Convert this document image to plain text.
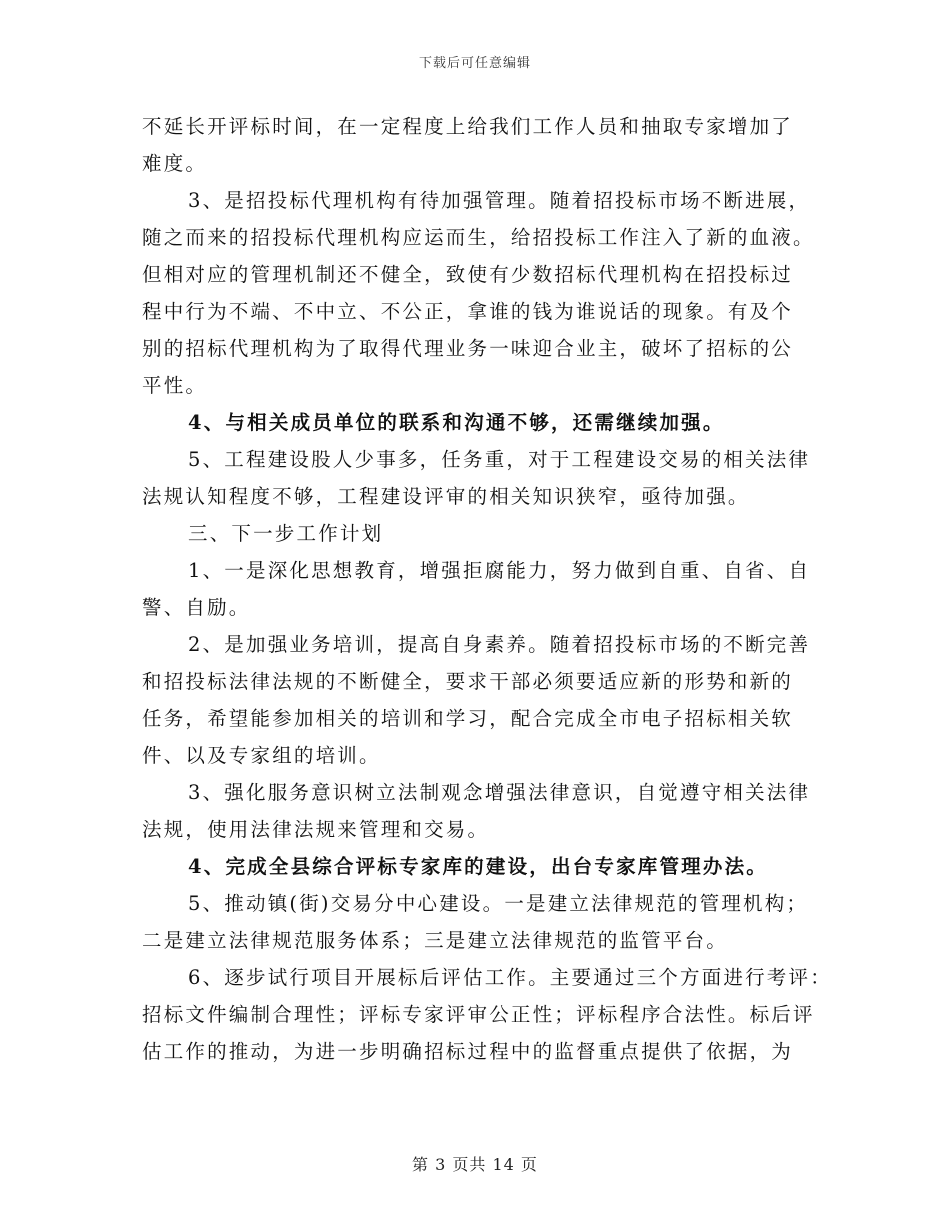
下载后可任意编辑
不延长开评标时间，在一定程度上给我们工作人员和抽取专家增加了
难度。
3、是招投标代理机构有待加强管理。随着招投标市场不断进展，
随之而来的招投标代理机构应运而生，给招投标工作注入了新的血液。
但相对应的管理机制还不健全，致使有少数招标代理机构在招投标过
程中行为不端、不中立、不公正，拿谁的钱为谁说话的现象。有及个
别的招标代理机构为了取得代理业务一味迎合业主，破坏了招标的公
平性。
4、与相关成员单位的联系和沟通不够，还需继续加强。
5、工程建设股人少事多，任务重，对于工程建设交易的相关法律
法规认知程度不够，工程建设评审的相关知识狭窄，亟待加强。
三、下一步工作计划
1、一是深化思想教育，增强拒腐能力，努力做到自重、自省、自
警、自励。
2、是加强业务培训，提高自身素养。随着招投标市场的不断完善
和招投标法律法规的不断健全，要求干部必须要适应新的形势和新的
任务，希望能参加相关的培训和学习，配合完成全市电子招标相关软
件、以及专家组的培训。
3、强化服务意识树立法制观念增强法律意识，自觉遵守相关法律
法规，使用法律法规来管理和交易。
4、完成全县综合评标专家库的建设，出台专家库管理办法。
5、推动镇(街)交易分中心建设。一是建立法律规范的管理机构；
二是建立法律规范服务体系；三是建立法律规范的监管平台。
6、逐步试行项目开展标后评估工作。主要通过三个方面进行考评：
招标文件编制合理性；评标专家评审公正性；评标程序合法性。标后评
估工作的推动，为进一步明确招标过程中的监督重点提供了依据，为
第 3 页共 14 页
